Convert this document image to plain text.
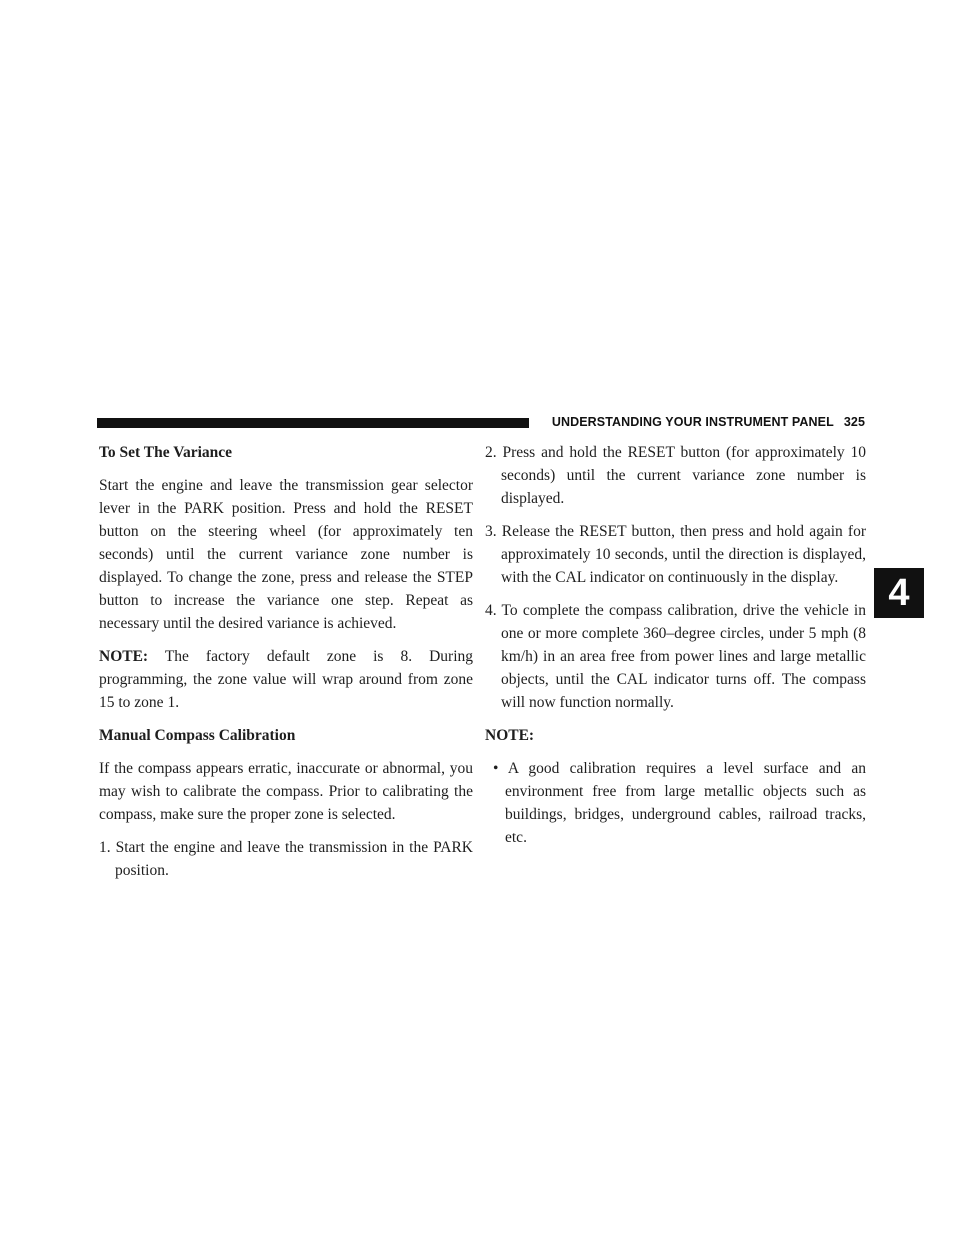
UNDERSTANDING YOUR INSTRUMENT PANEL 325
4

To Set The Variance

Start the engine and leave the transmission gear selector lever in the PARK position. Press and hold the RESET button on the steering wheel (for approximately ten seconds) until the current variance zone number is displayed. To change the zone, press and release the STEP button to increase the variance one step. Repeat as necessary until the desired variance is achieved.

NOTE: The factory default zone is 8. During programming, the zone value will wrap around from zone 15 to zone 1.

Manual Compass Calibration

If the compass appears erratic, inaccurate or abnormal, you may wish to calibrate the compass. Prior to calibrating the compass, make sure the proper zone is selected.

1. Start the engine and leave the transmission in the PARK position.

2. Press and hold the RESET button (for approximately 10 seconds) until the current variance zone number is displayed.

3. Release the RESET button, then press and hold again for approximately 10 seconds, until the direction is displayed, with the CAL indicator on continuously in the display.

4. To complete the compass calibration, drive the vehicle in one or more complete 360–degree circles, under 5 mph (8 km/h) in an area free from power lines and large metallic objects, until the CAL indicator turns off. The compass will now function normally.

NOTE:

• A good calibration requires a level surface and an environment free from large metallic objects such as buildings, bridges, underground cables, railroad tracks, etc.
